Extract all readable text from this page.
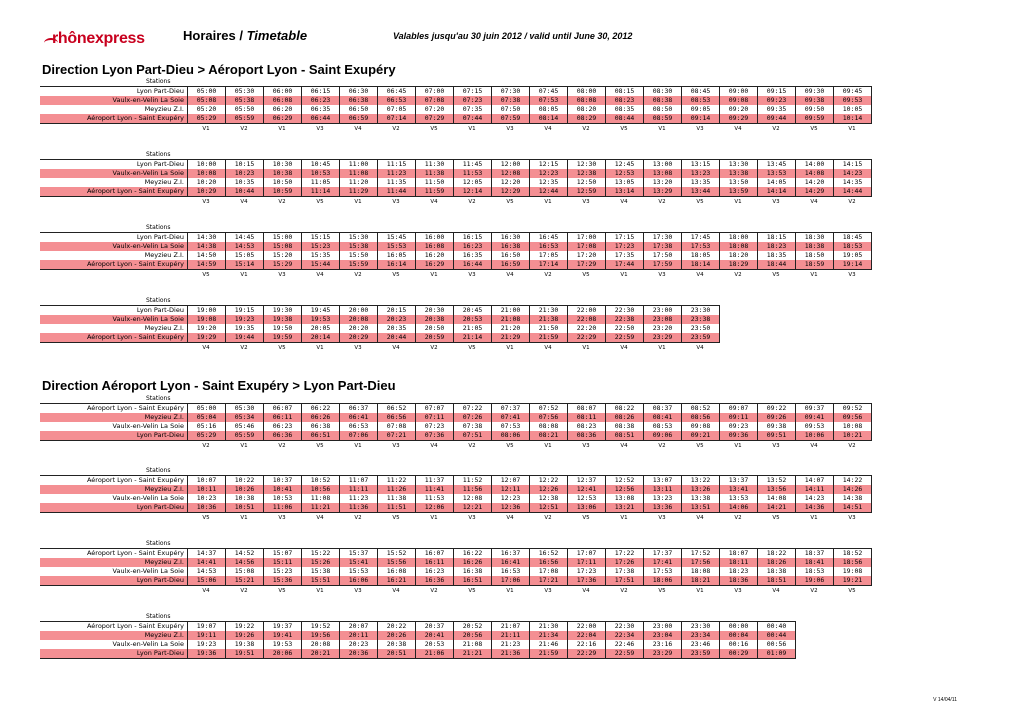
rhônexpress	Horaires / Timetable	Valables jusqu'au 30 juin 2012 / valid until June 30, 2012
Direction Lyon Part-Dieu > Aéroport Lyon - Saint Exupéry
Direction Aéroport Lyon - Saint Exupéry > Lyon Part-Dieu
Stations
Lyon Part-Dieu	05:00	05:30	06:00	06:15	06:30	06:45	07:00	07:15	07:30	07:45	08:00	08:15	08:30	08:45	09:00	09:15	09:30	09:45
Vaulx-en-Velin La Soie	05:08	05:38	06:08	06:23	06:38	06:53	07:08	07:23	07:38	07:53	08:08	08:23	08:38	08:53	09:08	09:23	09:38	09:53
Meyzieu Z.I.	05:20	05:50	06:20	06:35	06:50	07:05	07:20	07:35	07:50	08:05	08:20	08:35	08:50	09:05	09:20	09:35	09:50	10:05
Aéroport Lyon - Saint Exupéry	05:29	05:59	06:29	06:44	06:59	07:14	07:29	07:44	07:59	08:14	08:29	08:44	08:59	09:14	09:29	09:44	09:59	10:14
V1	V2	V1	V3	V4	V2	V5	V1	V3	V4	V2	V5	V1	V3	V4	V2	V5	V1
Stations
Lyon Part-Dieu	10:00	10:15	10:30	10:45	11:00	11:15	11:30	11:45	12:00	12:15	12:30	12:45	13:00	13:15	13:30	13:45	14:00	14:15
Vaulx-en-Velin La Soie	10:08	10:23	10:38	10:53	11:08	11:23	11:38	11:53	12:08	12:23	12:38	12:53	13:08	13:23	13:38	13:53	14:08	14:23
Meyzieu Z.I.	10:20	10:35	10:50	11:05	11:20	11:35	11:50	12:05	12:20	12:35	12:50	13:05	13:20	13:35	13:50	14:05	14:20	14:35
Aéroport Lyon - Saint Exupéry	10:29	10:44	10:59	11:14	11:29	11:44	11:59	12:14	12:29	12:44	12:59	13:14	13:29	13:44	13:59	14:14	14:29	14:44
V3	V4	V2	V5	V1	V3	V4	V2	V5	V1	V3	V4	V2	V5	V1	V3	V4	V2
Stations
Lyon Part-Dieu	14:30	14:45	15:00	15:15	15:30	15:45	16:00	16:15	16:30	16:45	17:00	17:15	17:30	17:45	18:00	18:15	18:30	18:45
Vaulx-en-Velin La Soie	14:38	14:53	15:08	15:23	15:38	15:53	16:08	16:23	16:38	16:53	17:08	17:23	17:38	17:53	18:08	18:23	18:38	18:53
Meyzieu Z.I.	14:50	15:05	15:20	15:35	15:50	16:05	16:20	16:35	16:50	17:05	17:20	17:35	17:50	18:05	18:20	18:35	18:50	19:05
Aéroport Lyon - Saint Exupéry	14:59	15:14	15:29	15:44	15:59	16:14	16:29	16:44	16:59	17:14	17:29	17:44	17:59	18:14	18:29	18:44	18:59	19:14
V5	V1	V3	V4	V2	V5	V1	V3	V4	V2	V5	V1	V3	V4	V2	V5	V1	V3
Stations
Lyon Part-Dieu	19:00	19:15	19:30	19:45	20:00	20:15	20:30	20:45	21:00	21:30	22:00	22:30	23:00	23:30				
Vaulx-en-Velin La Soie	19:08	19:23	19:38	19:53	20:08	20:23	20:38	20:53	21:08	21:38	22:08	22:38	23:08	23:38				
Meyzieu Z.I.	19:20	19:35	19:50	20:05	20:20	20:35	20:50	21:05	21:20	21:50	22:20	22:50	23:20	23:50				
Aéroport Lyon - Saint Exupéry	19:29	19:44	19:59	20:14	20:29	20:44	20:59	21:14	21:29	21:59	22:29	22:59	23:29	23:59				
V4	V2	V5	V1	V3	V4	V2	V5	V1	V4	V1	V4	V1	V4
Stations
Aéroport Lyon - Saint Exupéry	05:00	05:30	06:07	06:22	06:37	06:52	07:07	07:22	07:37	07:52	08:07	08:22	08:37	08:52	09:07	09:22	09:37	09:52
Meyzieu Z.I.	05:04	05:34	06:11	06:26	06:41	06:56	07:11	07:26	07:41	07:56	08:11	08:26	08:41	08:56	09:11	09:26	09:41	09:56
Vaulx-en-Velin La Soie	05:16	05:46	06:23	06:38	06:53	07:08	07:23	07:38	07:53	08:08	08:23	08:38	08:53	09:08	09:23	09:38	09:53	10:08
Lyon Part-Dieu	05:29	05:59	06:36	06:51	07:06	07:21	07:36	07:51	08:06	08:21	08:36	08:51	09:06	09:21	09:36	09:51	10:06	10:21
V2	V1	V2	V5	V1	V3	V4	V2	V5	V1	V3	V4	V2	V5	V1	V3	V4	V2
Stations
Aéroport Lyon - Saint Exupéry	10:07	10:22	10:37	10:52	11:07	11:22	11:37	11:52	12:07	12:22	12:37	12:52	13:07	13:22	13:37	13:52	14:07	14:22
Meyzieu Z.I.	10:11	10:26	10:41	10:56	11:11	11:26	11:41	11:56	12:11	12:26	12:41	12:56	13:11	13:26	13:41	13:56	14:11	14:26
Vaulx-en-Velin La Soie	10:23	10:38	10:53	11:08	11:23	11:38	11:53	12:08	12:23	12:38	12:53	13:08	13:23	13:38	13:53	14:08	14:23	14:38
Lyon Part-Dieu	10:36	10:51	11:06	11:21	11:36	11:51	12:06	12:21	12:36	12:51	13:06	13:21	13:36	13:51	14:06	14:21	14:36	14:51
V5	V1	V3	V4	V2	V5	V1	V3	V4	V2	V5	V1	V3	V4	V2	V5	V1	V3
Stations
Aéroport Lyon - Saint Exupéry	14:37	14:52	15:07	15:22	15:37	15:52	16:07	16:22	16:37	16:52	17:07	17:22	17:37	17:52	18:07	18:22	18:37	18:52
Meyzieu Z.I.	14:41	14:56	15:11	15:26	15:41	15:56	16:11	16:26	16:41	16:56	17:11	17:26	17:41	17:56	18:11	18:26	18:41	18:56
Vaulx-en-Velin La Soie	14:53	15:08	15:23	15:38	15:53	16:08	16:23	16:38	16:53	17:08	17:23	17:38	17:53	18:08	18:23	18:38	18:53	19:08
Lyon Part-Dieu	15:06	15:21	15:36	15:51	16:06	16:21	16:36	16:51	17:06	17:21	17:36	17:51	18:06	18:21	18:36	18:51	19:06	19:21
V4	V2	V5	V1	V3	V4	V2	V5	V1	V3	V4	V2	V5	V1	V3	V4	V2	V5
Stations
Aéroport Lyon - Saint Exupéry	19:07	19:22	19:37	19:52	20:07	20:22	20:37	20:52	21:07	21:30	22:00	22:30	23:00	23:30	00:00	00:40		
Meyzieu Z.I.	19:11	19:26	19:41	19:56	20:11	20:26	20:41	20:56	21:11	21:34	22:04	22:34	23:04	23:34	00:04	00:44		
Vaulx-en-Velin La Soie	19:23	19:38	19:53	20:08	20:23	20:38	20:53	21:08	21:23	21:46	22:16	22:46	23:16	23:46	00:16	00:56		
Lyon Part-Dieu	19:36	19:51	20:06	20:21	20:36	20:51	21:06	21:21	21:36	21:59	22:29	22:59	23:29	23:59	00:29	01:09		
V 14/04/11
